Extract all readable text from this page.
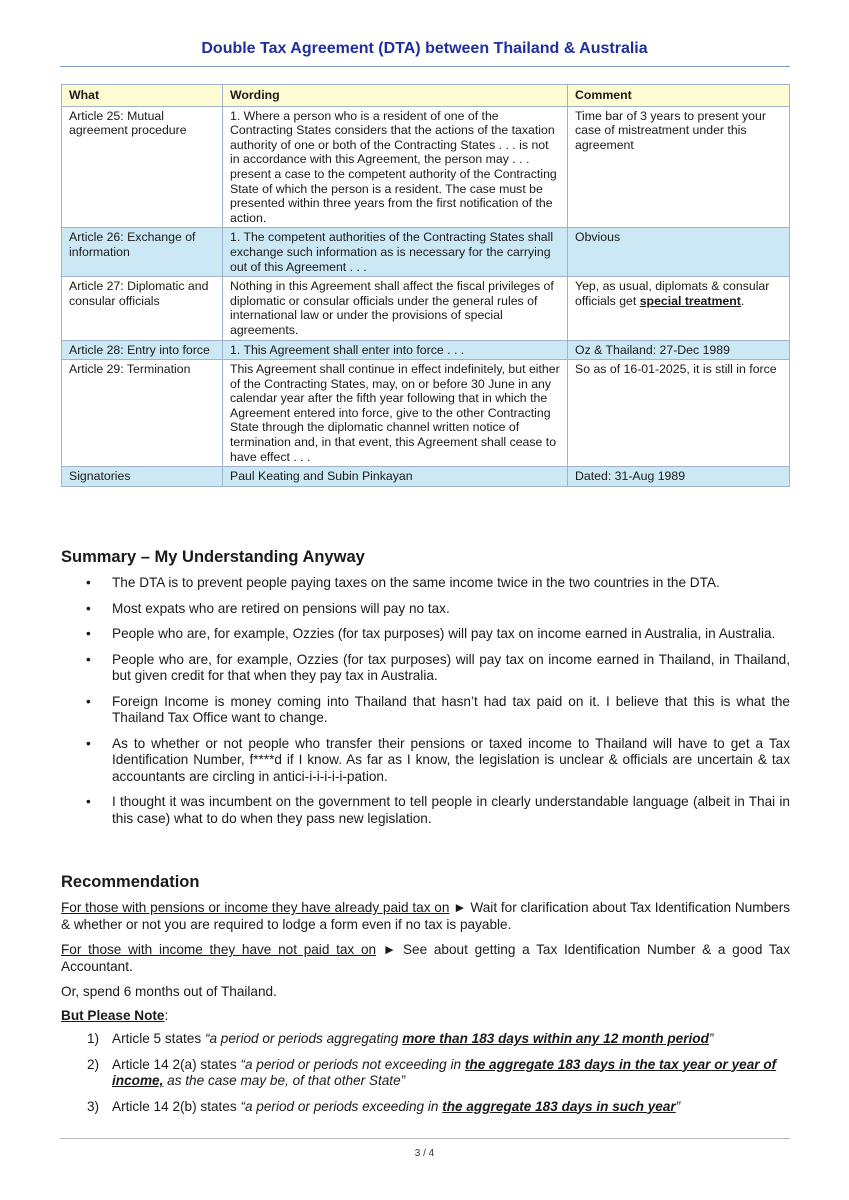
Double Tax Agreement (DTA) between Thailand & Australia
What	Wording	Comment
Article 25: Mutual agreement procedure	1. Where a person who is a resident of one of the Contracting States considers that the actions of the taxation authority of one or both of the Contracting States . . . is not in accordance with this Agreement, the person may . . . present a case to the competent authority of the Contracting State of which the person is a resident. The case must be presented within three years from the first notification of the action.	Time bar of 3 years to present your case of mistreatment under this agreement
Article 26: Exchange of information	1. The competent authorities of the Contracting States shall exchange such information as is necessary for the carrying out of this Agreement . . .	Obvious
Article 27: Diplomatic and consular officials	Nothing in this Agreement shall affect the fiscal privileges of diplomatic or consular officials under the general rules of international law or under the provisions of special agreements.	Yep, as usual, diplomats & consular officials get special treatment.
Article 28: Entry into force	1. This Agreement shall enter into force . . .	Oz & Thailand: 27-Dec 1989
Article 29: Termination	This Agreement shall continue in effect indefinitely, but either of the Contracting States, may, on or before 30 June in any calendar year after the fifth year following that in which the Agreement entered into force, give to the other Contracting State through the diplomatic channel written notice of termination and, in that event, this Agreement shall cease to have effect . . .	So as of 16-01-2025, it is still in force
Signatories	Paul Keating and Subin Pinkayan	Dated: 31-Aug 1989
Summary – My Understanding Anyway
• The DTA is to prevent people paying taxes on the same income twice in the two countries in the DTA.
• Most expats who are retired on pensions will pay no tax.
• People who are, for example, Ozzies (for tax purposes) will pay tax on income earned in Australia, in Australia.
• People who are, for example, Ozzies (for tax purposes) will pay tax on income earned in Thailand, in Thailand, but given credit for that when they pay tax in Australia.
• Foreign Income is money coming into Thailand that hasn’t had tax paid on it. I believe that this is what the Thailand Tax Office want to change.
• As to whether or not people who transfer their pensions or taxed income to Thailand will have to get a Tax Identification Number, f****d if I know. As far as I know, the legislation is unclear & officials are uncertain & tax accountants are circling in antici-i-i-i-i-i-pation.
• I thought it was incumbent on the government to tell people in clearly understandable language (albeit in Thai in this case) what to do when they pass new legislation.
Recommendation

For those with pensions or income they have already paid tax on ► Wait for clarification about Tax Identification Numbers & whether or not you are required to lodge a form even if no tax is payable.

For those with income they have not paid tax on ► See about getting a Tax Identification Number & a good Tax Accountant.

Or, spend 6 months out of Thailand.

But Please Note:

1) Article 5 states “a period or periods aggregating more than 183 days within any 12 month period”
2) Article 14 2(a) states “a period or periods not exceeding in the aggregate 183 days in the tax year or year of income, as the case may be, of that other State”
3) Article 14 2(b) states “a period or periods exceeding in the aggregate 183 days in such year”
3 / 4
